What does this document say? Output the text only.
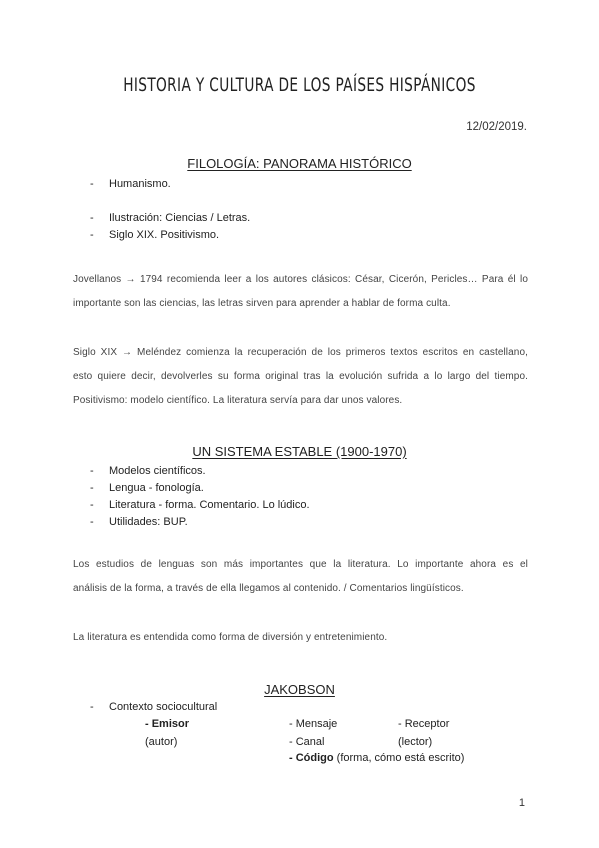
HISTORIA Y CULTURA DE LOS PAÍSES HISPÁNICOS
12/02/2019.
FILOLOGÍA: PANORAMA HISTÓRICO
- Humanismo.
- Ilustración: Ciencias / Letras.
- Siglo XIX. Positivismo.
Jovellanos → 1794 recomienda leer a los autores clásicos: César, Cicerón, Pericles… Para él lo
importante son las ciencias, las letras sirven para aprender a hablar de forma culta.
Siglo XIX → Meléndez comienza la recuperación de los primeros textos escritos en castellano,
esto quiere decir, devolverles su forma original tras la evolución sufrida a lo largo del tiempo.
Positivismo: modelo científico. La literatura servía para dar unos valores.
UN SISTEMA ESTABLE (1900-1970)
- Modelos científicos.
- Lengua - fonología.
- Literatura - forma. Comentario. Lo lúdico.
- Utilidades: BUP.
Los estudios de lenguas son más importantes que la literatura. Lo importante ahora es el
análisis de la forma, a través de ella llegamos al contenido. / Comentarios lingüísticos.
La literatura es entendida como forma de diversión y entretenimiento.
JAKOBSON
- Contexto sociocultural
- Emisor
(autor)
- Mensaje
- Canal
- Código (forma, cómo está escrito)
- Receptor
(lector)
1
